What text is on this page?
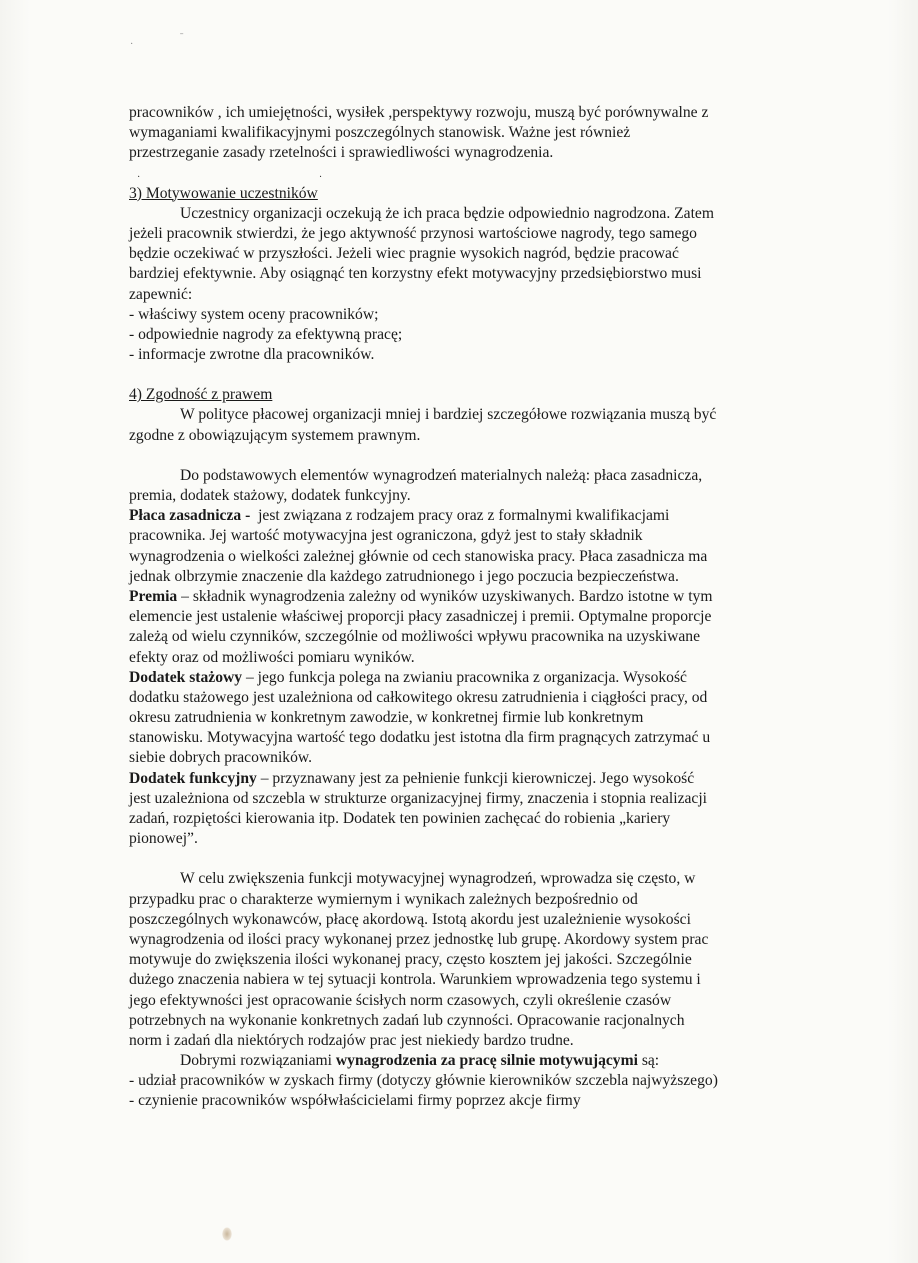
·
ˉ
· ·
pracowników , ich umiejętności, wysiłek ,perspektywy rozwoju, muszą być porównywalne z
wymaganiami kwalifikacyjnymi poszczególnych stanowisk. Ważne jest również
przestrzeganie zasady rzetelności i sprawiedliwości wynagrodzenia.
3) Motywowanie uczestników
Uczestnicy organizacji oczekują że ich praca będzie odpowiednio nagrodzona. Zatem
jeżeli pracownik stwierdzi, że jego aktywność przynosi wartościowe nagrody, tego samego
będzie oczekiwać w przyszłości. Jeżeli wiec pragnie wysokich nagród, będzie pracować
bardziej efektywnie. Aby osiągnąć ten korzystny efekt motywacyjny przedsiębiorstwo musi
zapewnić:
- właściwy system oceny pracowników;
- odpowiednie nagrody za efektywną pracę;
- informacje zwrotne dla pracowników.
4) Zgodność z prawem
W polityce płacowej organizacji mniej i bardziej szczegółowe rozwiązania muszą być
zgodne z obowiązującym systemem prawnym.
Do podstawowych elementów wynagrodzeń materialnych należą: płaca zasadnicza,
premia, dodatek stażowy, dodatek funkcyjny.
Płaca zasadnicza -  jest związana z rodzajem pracy oraz z formalnymi kwalifikacjami
pracownika. Jej wartość motywacyjna jest ograniczona, gdyż jest to stały składnik
wynagrodzenia o wielkości zależnej głównie od cech stanowiska pracy. Płaca zasadnicza ma
jednak olbrzymie znaczenie dla każdego zatrudnionego i jego poczucia bezpieczeństwa.
Premia – składnik wynagrodzenia zależny od wyników uzyskiwanych. Bardzo istotne w tym
elemencie jest ustalenie właściwej proporcji płacy zasadniczej i premii. Optymalne proporcje
zależą od wielu czynników, szczególnie od możliwości wpływu pracownika na uzyskiwane
efekty oraz od możliwości pomiaru wyników.
Dodatek stażowy – jego funkcja polega na zwianiu pracownika z organizacja. Wysokość
dodatku stażowego jest uzależniona od całkowitego okresu zatrudnienia i ciągłości pracy, od
okresu zatrudnienia w konkretnym zawodzie, w konkretnej firmie lub konkretnym
stanowisku. Motywacyjna wartość tego dodatku jest istotna dla firm pragnących zatrzymać u
siebie dobrych pracowników.
Dodatek funkcyjny – przyznawany jest za pełnienie funkcji kierowniczej. Jego wysokość
jest uzależniona od szczebla w strukturze organizacyjnej firmy, znaczenia i stopnia realizacji
zadań, rozpiętości kierowania itp. Dodatek ten powinien zachęcać do robienia „kariery
pionowej”.
W celu zwiększenia funkcji motywacyjnej wynagrodzeń, wprowadza się często, w
przypadku prac o charakterze wymiernym i wynikach zależnych bezpośrednio od
poszczególnych wykonawców, płacę akordową. Istotą akordu jest uzależnienie wysokości
wynagrodzenia od ilości pracy wykonanej przez jednostkę lub grupę. Akordowy system prac
motywuje do zwiększenia ilości wykonanej pracy, często kosztem jej jakości. Szczególnie
dużego znaczenia nabiera w tej sytuacji kontrola. Warunkiem wprowadzenia tego systemu i
jego efektywności jest opracowanie ścisłych norm czasowych, czyli określenie czasów
potrzebnych na wykonanie konkretnych zadań lub czynności. Opracowanie racjonalnych
norm i zadań dla niektórych rodzajów prac jest niekiedy bardzo trudne.
Dobrymi rozwiązaniami wynagrodzenia za pracę silnie motywującymi są:
- udział pracowników w zyskach firmy (dotyczy głównie kierowników szczebla najwyższego)
- czynienie pracowników współwłaścicielami firmy poprzez akcje firmy
